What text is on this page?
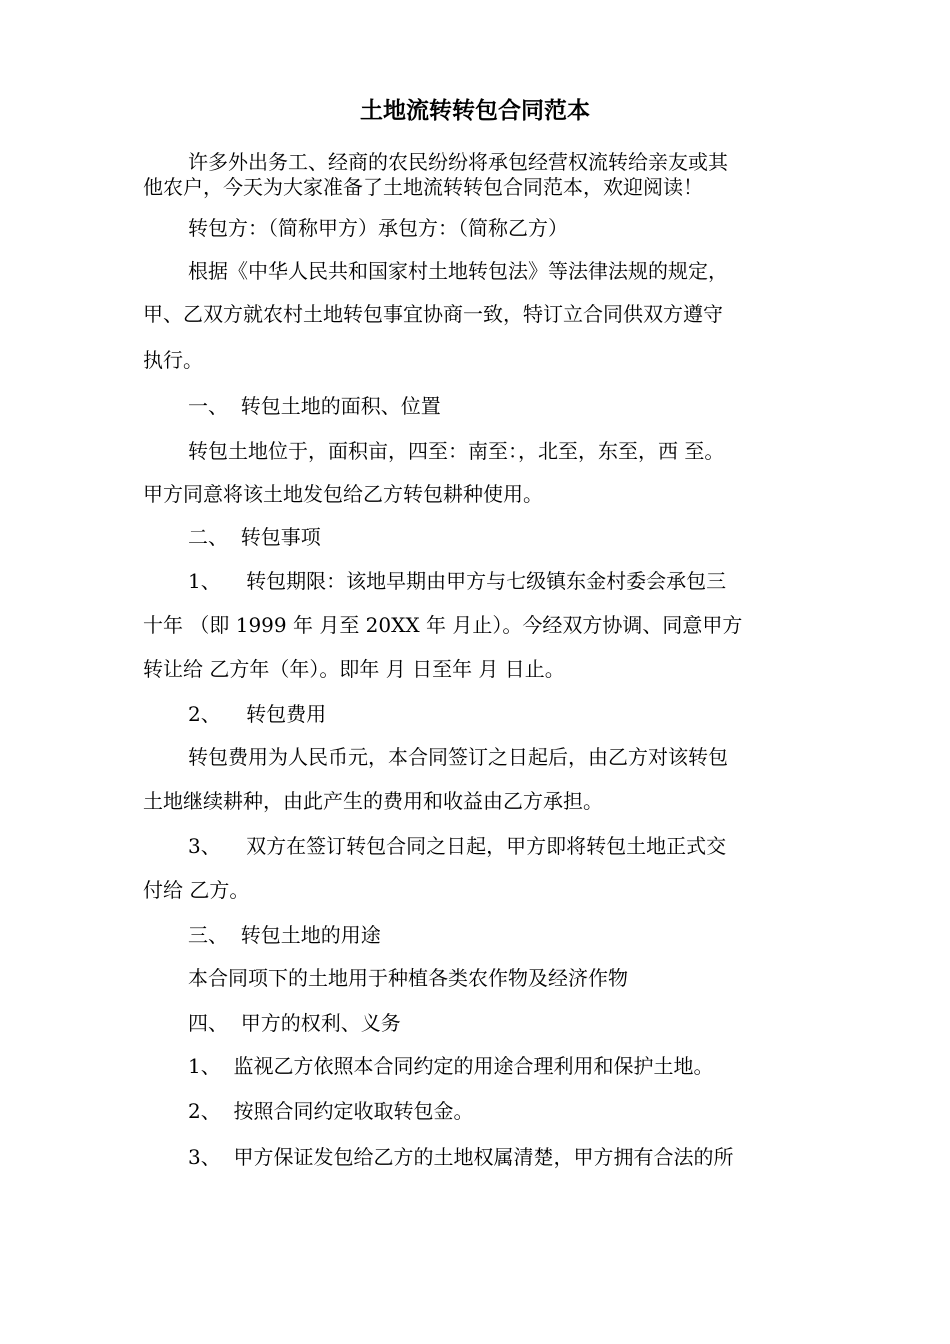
土地流转转包合同范本
许多外出务工、经商的农民纷纷将承包经营权流转给亲友或其
他农户，今天为大家准备了土地流转转包合同范本，欢迎阅读！
转包方：（简称甲方）承包方：（简称乙方）
根据《中华人民共和国家村土地转包法》等法律法规的规定，
甲、乙双方就农村土地转包事宜协商一致，特订立合同供双方遵守
执行。
一、  转包土地的面积、位置
转包土地位于，面积亩，四至：南至：，北至，东至，西 至。
甲方同意将该土地发包给乙方转包耕种使用。
二、  转包事项
1、    转包期限：该地早期由甲方与七级镇东金村委会承包三
十年 （即 1999 年 月至 20XX 年 月止）。今经双方协调、同意甲方
转让给 乙方年（年）。即年 月 日至年 月 日止。
2、    转包费用
转包费用为人民币元，本合同签订之日起后，由乙方对该转包
土地继续耕种，由此产生的费用和收益由乙方承担。
3、    双方在签订转包合同之日起，甲方即将转包土地正式交
付给 乙方。
三、  转包土地的用途
本合同项下的土地用于种植各类农作物及经济作物
四、  甲方的权利、义务
1、  监视乙方依照本合同约定的用途合理利用和保护土地。
2、  按照合同约定收取转包金。
3、  甲方保证发包给乙方的土地权属清楚，甲方拥有合法的所
